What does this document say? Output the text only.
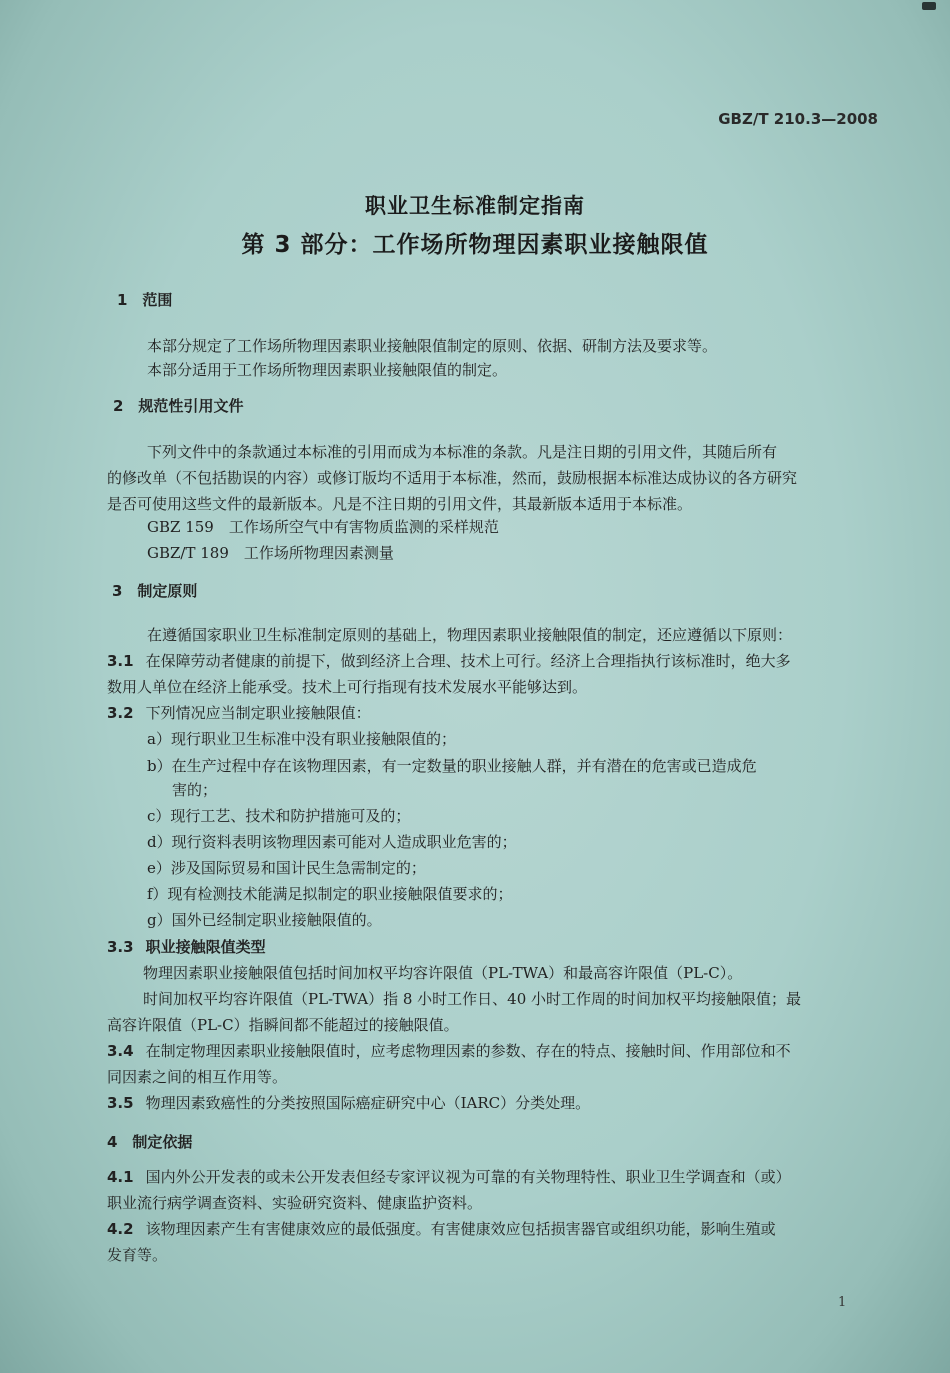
GBZ/T 210.3—2008
职业卫生标准制定指南
第 3 部分：工作场所物理因素职业接触限值
1　范围
本部分规定了工作场所物理因素职业接触限值制定的原则、依据、研制方法及要求等。
本部分适用于工作场所物理因素职业接触限值的制定。
2　规范性引用文件
下列文件中的条款通过本标准的引用而成为本标准的条款。凡是注日期的引用文件，其随后所有
的修改单（不包括勘误的内容）或修订版均不适用于本标准，然而，鼓励根据本标准达成协议的各方研究
是否可使用这些文件的最新版本。凡是不注日期的引用文件，其最新版本适用于本标准。
GBZ 159　工作场所空气中有害物质监测的采样规范
GBZ/T 189　工作场所物理因素测量
3　制定原则
在遵循国家职业卫生标准制定原则的基础上，物理因素职业接触限值的制定，还应遵循以下原则：
3.1 在保障劳动者健康的前提下，做到经济上合理、技术上可行。经济上合理指执行该标准时，绝大多
数用人单位在经济上能承受。技术上可行指现有技术发展水平能够达到。
3.2 下列情况应当制定职业接触限值：
a）现行职业卫生标准中没有职业接触限值的；
b）在生产过程中存在该物理因素，有一定数量的职业接触人群，并有潜在的危害或已造成危
害的；
c）现行工艺、技术和防护措施可及的；
d）现行资料表明该物理因素可能对人造成职业危害的；
e）涉及国际贸易和国计民生急需制定的；
f）现有检测技术能满足拟制定的职业接触限值要求的；
g）国外已经制定职业接触限值的。
3.3 职业接触限值类型
物理因素职业接触限值包括时间加权平均容许限值（PL-TWA）和最高容许限值（PL-C）。
时间加权平均容许限值（PL-TWA）指 8 小时工作日、40 小时工作周的时间加权平均接触限值；最
高容许限值（PL-C）指瞬间都不能超过的接触限值。
3.4 在制定物理因素职业接触限值时，应考虑物理因素的参数、存在的特点、接触时间、作用部位和不
同因素之间的相互作用等。
3.5 物理因素致癌性的分类按照国际癌症研究中心（IARC）分类处理。
4　制定依据
4.1 国内外公开发表的或未公开发表但经专家评议视为可靠的有关物理特性、职业卫生学调查和（或）
职业流行病学调查资料、实验研究资料、健康监护资料。
4.2 该物理因素产生有害健康效应的最低强度。有害健康效应包括损害器官或组织功能，影响生殖或
发育等。
1
